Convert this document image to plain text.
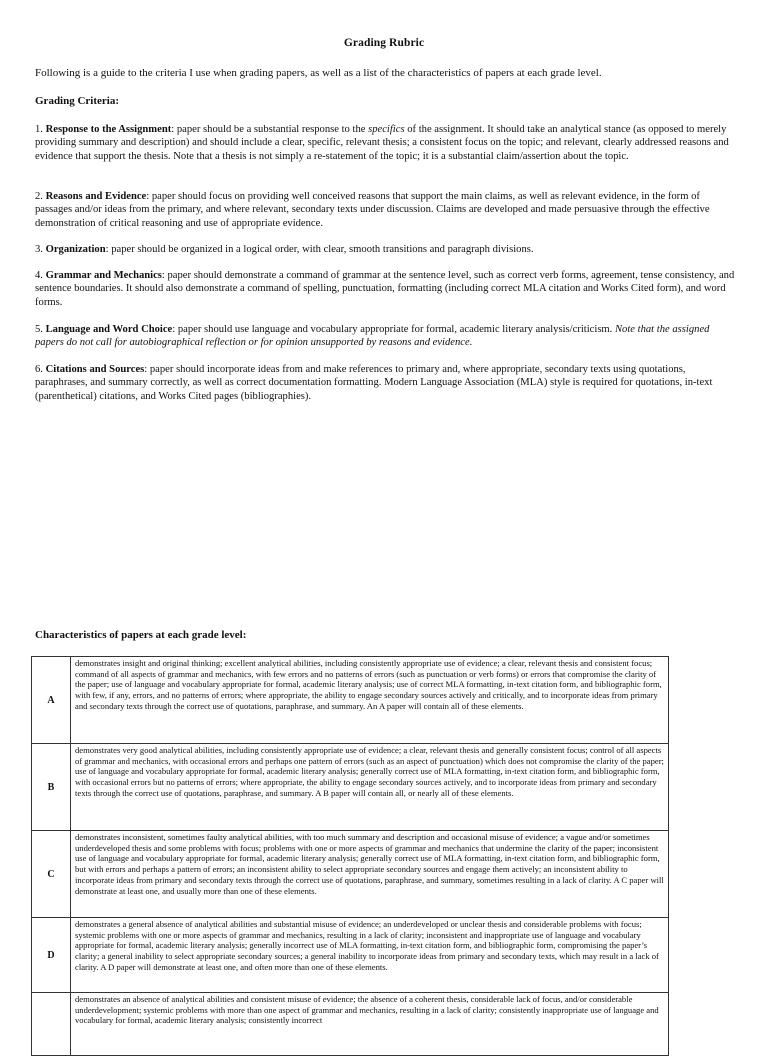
Grading Rubric
Following is a guide to the criteria I use when grading papers, as well as a list of the characteristics of papers at each grade level.
Grading Criteria:
1. Response to the Assignment: paper should be a substantial response to the specifics of the assignment. It should take an analytical stance (as opposed to merely providing summary and description) and should include a clear, specific, relevant thesis; a consistent focus on the topic; and relevant, clearly addressed reasons and evidence that support the thesis. Note that a thesis is not simply a re-statement of the topic; it is a substantial claim/assertion about the topic.
2. Reasons and Evidence: paper should focus on providing well conceived reasons that support the main claims, as well as relevant evidence, in the form of passages and/or ideas from the primary, and where relevant, secondary texts under discussion. Claims are developed and made persuasive through the effective demonstration of critical reasoning and use of appropriate evidence.
3. Organization: paper should be organized in a logical order, with clear, smooth transitions and paragraph divisions.
4. Grammar and Mechanics: paper should demonstrate a command of grammar at the sentence level, such as correct verb forms, agreement, tense consistency, and sentence boundaries. It should also demonstrate a command of spelling, punctuation, formatting (including correct MLA citation and Works Cited form), and word forms.
5. Language and Word Choice: paper should use language and vocabulary appropriate for formal, academic literary analysis/criticism. Note that the assigned papers do not call for autobiographical reflection or for opinion unsupported by reasons and evidence.
6. Citations and Sources: paper should incorporate ideas from and make references to primary and, where appropriate, secondary texts using quotations, paraphrases, and summary correctly, as well as correct documentation formatting. Modern Language Association (MLA) style is required for quotations, in-text (parenthetical) citations, and Works Cited pages (bibliographies).
Characteristics of papers at each grade level:
A	demonstrates insight and original thinking; excellent analytical abilities, including consistently appropriate use of evidence; a clear, relevant thesis and consistent focus; command of all aspects of grammar and mechanics, with few errors and no patterns of errors (such as punctuation or verb forms) or errors that compromise the clarity of the paper; use of language and vocabulary appropriate for formal, academic literary analysis; use of correct MLA formatting, in-text citation form, and bibliographic form, with few, if any, errors, and no patterns of errors; where appropriate, the ability to engage secondary sources actively and critically, and to incorporate ideas from primary and secondary texts through the correct use of quotations, paraphrase, and summary. An A paper will contain all of these elements.
B	demonstrates very good analytical abilities, including consistently appropriate use of evidence; a clear, relevant thesis and generally consistent focus; control of all aspects of grammar and mechanics, with occasional errors and perhaps one pattern of errors (such as an aspect of punctuation) which does not compromise the clarity of the paper; use of language and vocabulary appropriate for formal, academic literary analysis; generally correct use of MLA formatting, in-text citation form, and bibliographic form, with occasional errors but no patterns of errors; where appropriate, the ability to engage secondary sources actively, and to incorporate ideas from primary and secondary texts through the correct use of quotations, paraphrase, and summary. A B paper will contain all, or nearly all of these elements.
C	demonstrates inconsistent, sometimes faulty analytical abilities, with too much summary and description and occasional misuse of evidence; a vague and/or sometimes underdeveloped thesis and some problems with focus; problems with one or more aspects of grammar and mechanics that undermine the clarity of the paper; inconsistent use of language and vocabulary appropriate for formal, academic literary analysis; generally correct use of MLA formatting, in-text citation form, and bibliographic form, but with errors and perhaps a pattern of errors; an inconsistent ability to select appropriate secondary sources and engage them actively; an inconsistent ability to incorporate ideas from primary and secondary texts through the correct use of quotations, paraphrase, and summary, sometimes resulting in a lack of clarity. A C paper will demonstrate at least one, and usually more than one of these elements.
D	demonstrates a general absence of analytical abilities and substantial misuse of evidence; an underdeveloped or unclear thesis and considerable problems with focus; systemic problems with one or more aspects of grammar and mechanics, resulting in a lack of clarity; inconsistent and inappropriate use of language and vocabulary appropriate for formal, academic literary analysis; generally incorrect use of MLA formatting, in-text citation form, and bibliographic form, compromising the paper’s clarity; a general inability to select appropriate secondary sources; a general inability to incorporate ideas from primary and secondary texts, which may result in a lack of clarity. A D paper will demonstrate at least one, and often more than one of these elements.
	demonstrates an absence of analytical abilities and consistent misuse of evidence; the absence of a coherent thesis, considerable lack of focus, and/or considerable underdevelopment; systemic problems with more than one aspect of grammar and mechanics, resulting in a lack of clarity; consistently inappropriate use of language and vocabulary for formal, academic literary analysis; consistently incorrect
